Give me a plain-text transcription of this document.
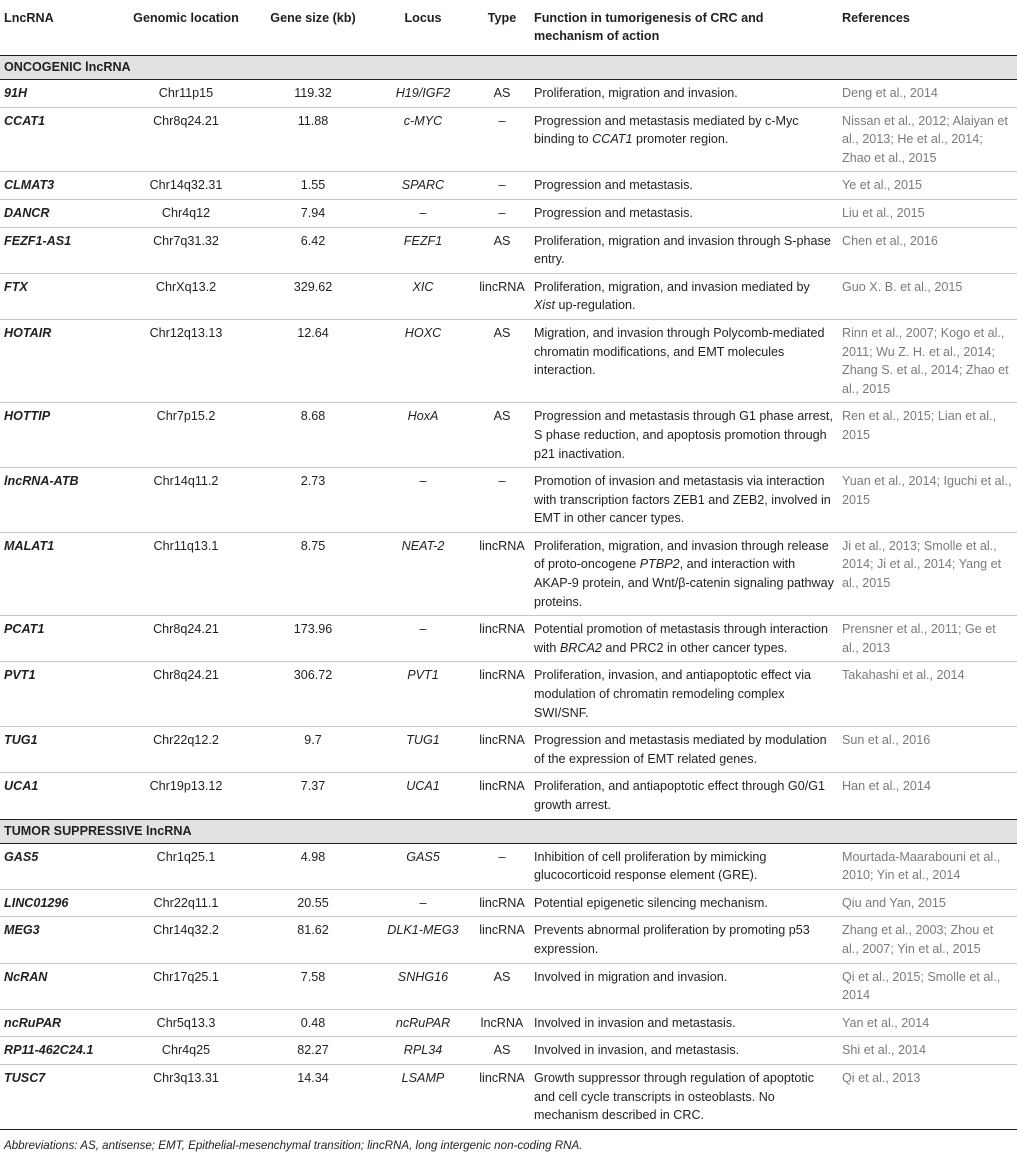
LncRNA	Genomic location	Gene size (kb)	Locus	Type	Function in tumorigenesis of CRC and mechanism of action	References
ONCOGENIC lncRNA						
91H	Chr11p15	119.32	H19/IGF2	AS	Proliferation, migration and invasion.	Deng et al., 2014
CCAT1	Chr8q24.21	11.88	c-MYC	–	Progression and metastasis mediated by c-Myc binding to CCAT1 promoter region.	Nissan et al., 2012; Alaiyan et al., 2013; He et al., 2014; Zhao et al., 2015
CLMAT3	Chr14q32.31	1.55	SPARC	–	Progression and metastasis.	Ye et al., 2015
DANCR	Chr4q12	7.94	–	–	Progression and metastasis.	Liu et al., 2015
FEZF1-AS1	Chr7q31.32	6.42	FEZF1	AS	Proliferation, migration and invasion through S-phase entry.	Chen et al., 2016
FTX	ChrXq13.2	329.62	XIC	lincRNA	Proliferation, migration, and invasion mediated by Xist up-regulation.	Guo X. B. et al., 2015
HOTAIR	Chr12q13.13	12.64	HOXC	AS	Migration, and invasion through Polycomb-mediated chromatin modifications, and EMT molecules interaction.	Rinn et al., 2007; Kogo et al., 2011; Wu Z. H. et al., 2014; Zhang S. et al., 2014; Zhao et al., 2015
HOTTIP	Chr7p15.2	8.68	HoxA	AS	Progression and metastasis through G1 phase arrest, S phase reduction, and apoptosis promotion through p21 inactivation.	Ren et al., 2015; Lian et al., 2015
lncRNA-ATB	Chr14q11.2	2.73	–	–	Promotion of invasion and metastasis via interaction with transcription factors ZEB1 and ZEB2, involved in EMT in other cancer types.	Yuan et al., 2014; Iguchi et al., 2015
MALAT1	Chr11q13.1	8.75	NEAT-2	lincRNA	Proliferation, migration, and invasion through release of proto-oncogene PTBP2, and interaction with AKAP-9 protein, and Wnt/β-catenin signaling pathway proteins.	Ji et al., 2013; Smolle et al., 2014; Ji et al., 2014; Yang et al., 2015
PCAT1	Chr8q24.21	173.96	–	lincRNA	Potential promotion of metastasis through interaction with BRCA2 and PRC2 in other cancer types.	Prensner et al., 2011; Ge et al., 2013
PVT1	Chr8q24.21	306.72	PVT1	lincRNA	Proliferation, invasion, and antiapoptotic effect via modulation of chromatin remodeling complex SWI/SNF.	Takahashi et al., 2014
TUG1	Chr22q12.2	9.7	TUG1	lincRNA	Progression and metastasis mediated by modulation of the expression of EMT related genes.	Sun et al., 2016
UCA1	Chr19p13.12	7.37	UCA1	lincRNA	Proliferation, and antiapoptotic effect through G0/G1 growth arrest.	Han et al., 2014
TUMOR SUPPRESSIVE lncRNA						
GAS5	Chr1q25.1	4.98	GAS5	–	Inhibition of cell proliferation by mimicking glucocorticoid response element (GRE).	Mourtada-Maarabouni et al., 2010; Yin et al., 2014
LINC01296	Chr22q11.1	20.55	–	lincRNA	Potential epigenetic silencing mechanism.	Qiu and Yan, 2015
MEG3	Chr14q32.2	81.62	DLK1-MEG3	lincRNA	Prevents abnormal proliferation by promoting p53 expression.	Zhang et al., 2003; Zhou et al., 2007; Yin et al., 2015
NcRAN	Chr17q25.1	7.58	SNHG16	AS	Involved in migration and invasion.	Qi et al., 2015; Smolle et al., 2014
ncRuPAR	Chr5q13.3	0.48	ncRuPAR	lncRNA	Involved in invasion and metastasis.	Yan et al., 2014
RP11-462C24.1	Chr4q25	82.27	RPL34	AS	Involved in invasion, and metastasis.	Shi et al., 2014
TUSC7	Chr3q13.31	14.34	LSAMP	lincRNA	Growth suppressor through regulation of apoptotic and cell cycle transcripts in osteoblasts. No mechanism described in CRC.	Qi et al., 2013
Abbreviations: AS, antisense; EMT, Epithelial-mesenchymal transition; lincRNA, long intergenic non-coding RNA.
